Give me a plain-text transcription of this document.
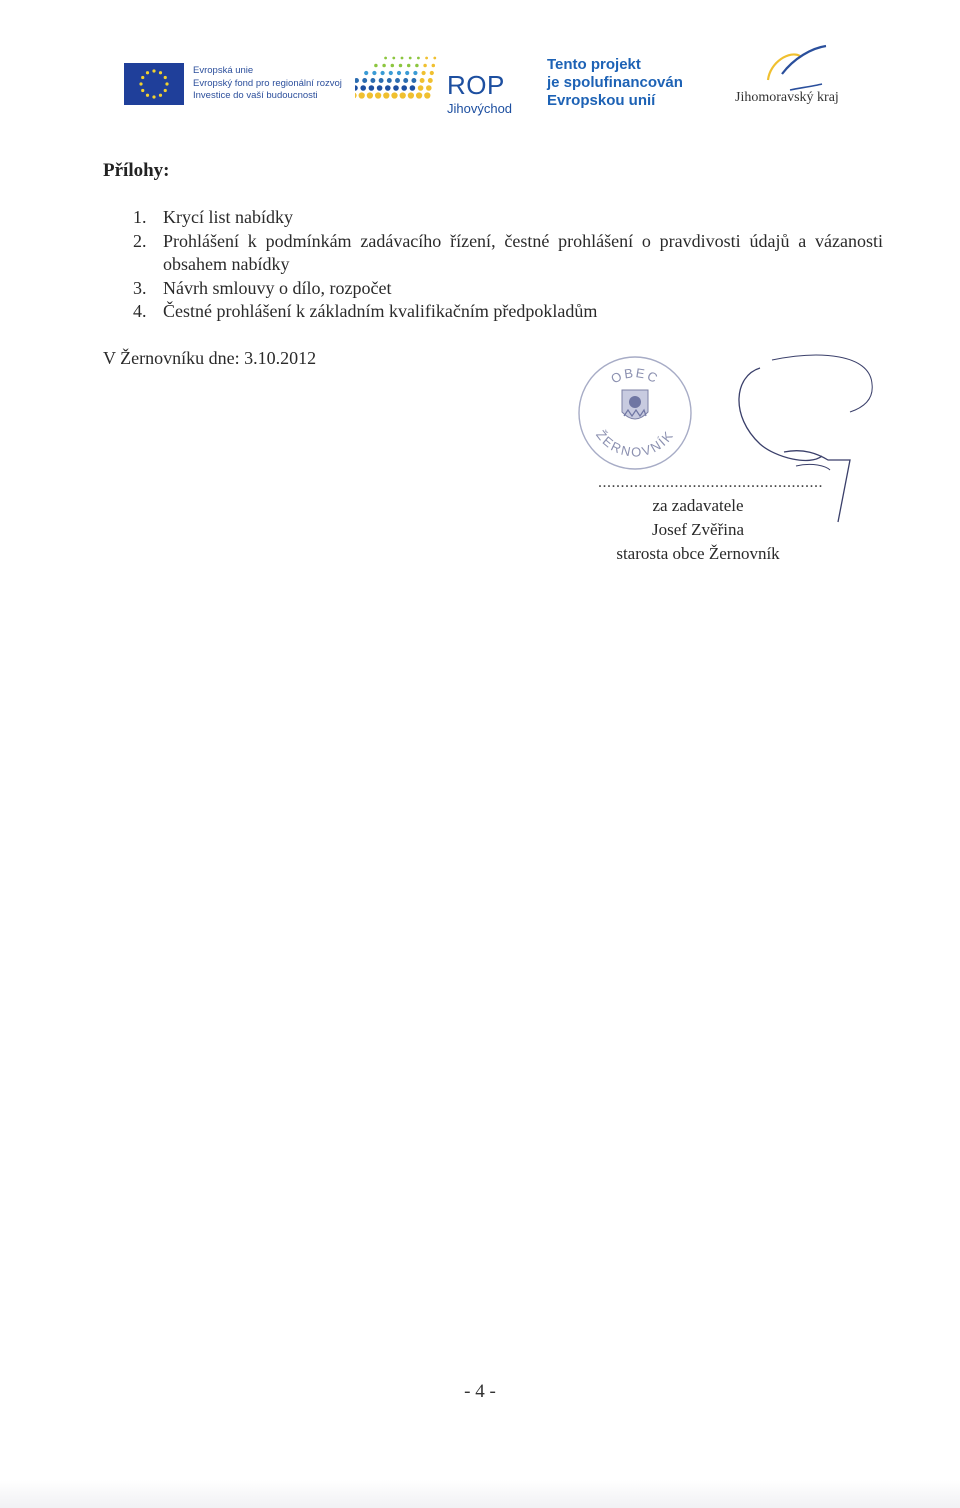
Evropská unie
Evropský fond pro regionální rozvoj
Investice do vaší budoucnosti	ROP
Jihovýchod
Tento projekt
je spolufinancován
Evropskou unií	Jihomoravský kraj
Přílohy:
1. Krycí list nabídky
2. Prohlášení k podmínkám zadávacího řízení, čestné prohlášení o pravdivosti údajů a vázanosti obsahem nabídky
3. Návrh smlouvy o dílo, rozpočet
4. Čestné prohlášení k základním kvalifikačním předpokladům
V Žernovníku dne: 3.10.2012
OBEC
ŽERNOVNÍK
..................................................
za zadavatele
Josef Zvěřina
starosta obce Žernovník
- 4 -
